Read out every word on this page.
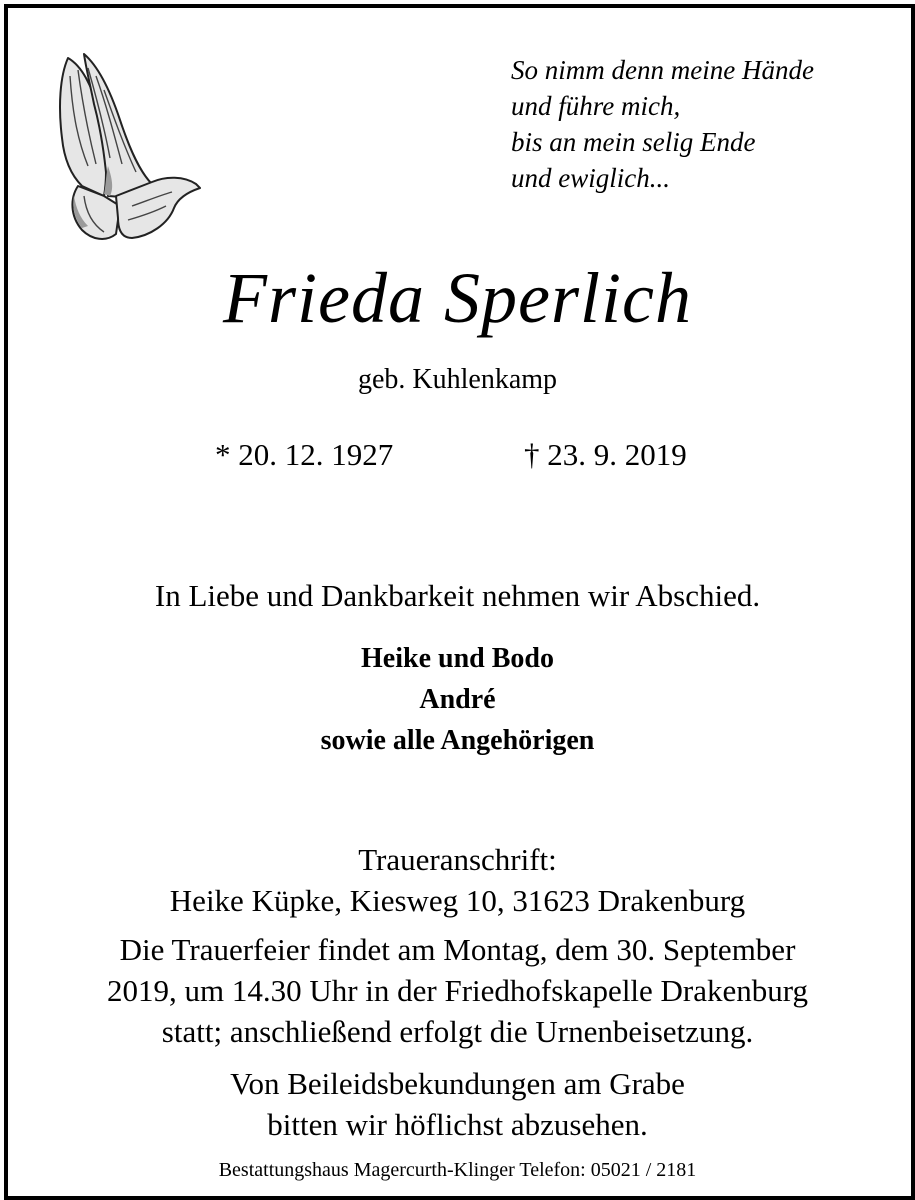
So nimm denn meine Hände
und führe mich,
bis an mein selig Ende
und ewiglich...
Frieda Sperlich
geb. Kuhlenkamp
* 20. 12. 1927	† 23. 9. 2019
In Liebe und Dankbarkeit nehmen wir Abschied.
Heike und Bodo
André
sowie alle Angehörigen
Traueranschrift:
Heike Küpke, Kiesweg 10, 31623 Drakenburg
Die Trauerfeier findet am Montag, dem 30. September
2019, um 14.30 Uhr in der Friedhofskapelle Drakenburg
statt; anschließend erfolgt die Urnenbeisetzung.
Von Beileidsbekundungen am Grabe
bitten wir höflichst abzusehen.
Bestattungshaus Magercurth-Klinger Telefon: 05021 / 2181
